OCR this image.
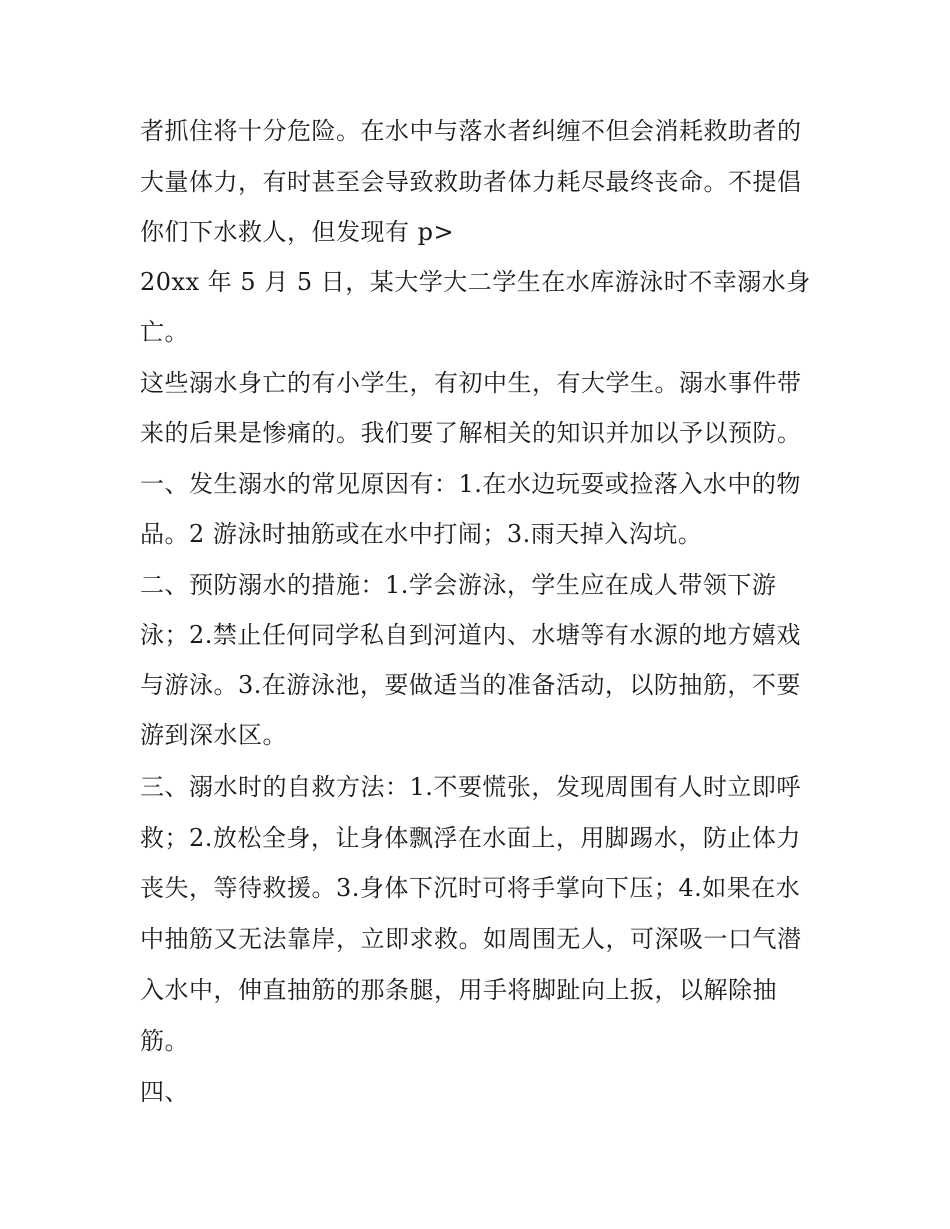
者抓住将十分危险。在水中与落水者纠缠不但会消耗救助者的

大量体力，有时甚至会导致救助者体力耗尽最终丧命。不提倡

你们下水救人，但发现有 p>

20xx 年 5 月 5 日，某大学大二学生在水库游泳时不幸溺水身

亡。

这些溺水身亡的有小学生，有初中生，有大学生。溺水事件带

来的后果是惨痛的。我们要了解相关的知识并加以予以预防。

一、发生溺水的常见原因有：1.在水边玩耍或捡落入水中的物

品。2 游泳时抽筋或在水中打闹；3.雨天掉入沟坑。

二、预防溺水的措施：1.学会游泳，学生应在成人带领下游

泳；2.禁止任何同学私自到河道内、水塘等有水源的地方嬉戏

与游泳。3.在游泳池，要做适当的准备活动，以防抽筋，不要

游到深水区。

三、溺水时的自救方法：1.不要慌张，发现周围有人时立即呼

救；2.放松全身，让身体飘浮在水面上，用脚踢水，防止体力

丧失，等待救援。3.身体下沉时可将手掌向下压；4.如果在水

中抽筋又无法靠岸，立即求救。如周围无人，可深吸一口气潜

入水中，伸直抽筋的那条腿，用手将脚趾向上扳，以解除抽

筋。

四、
